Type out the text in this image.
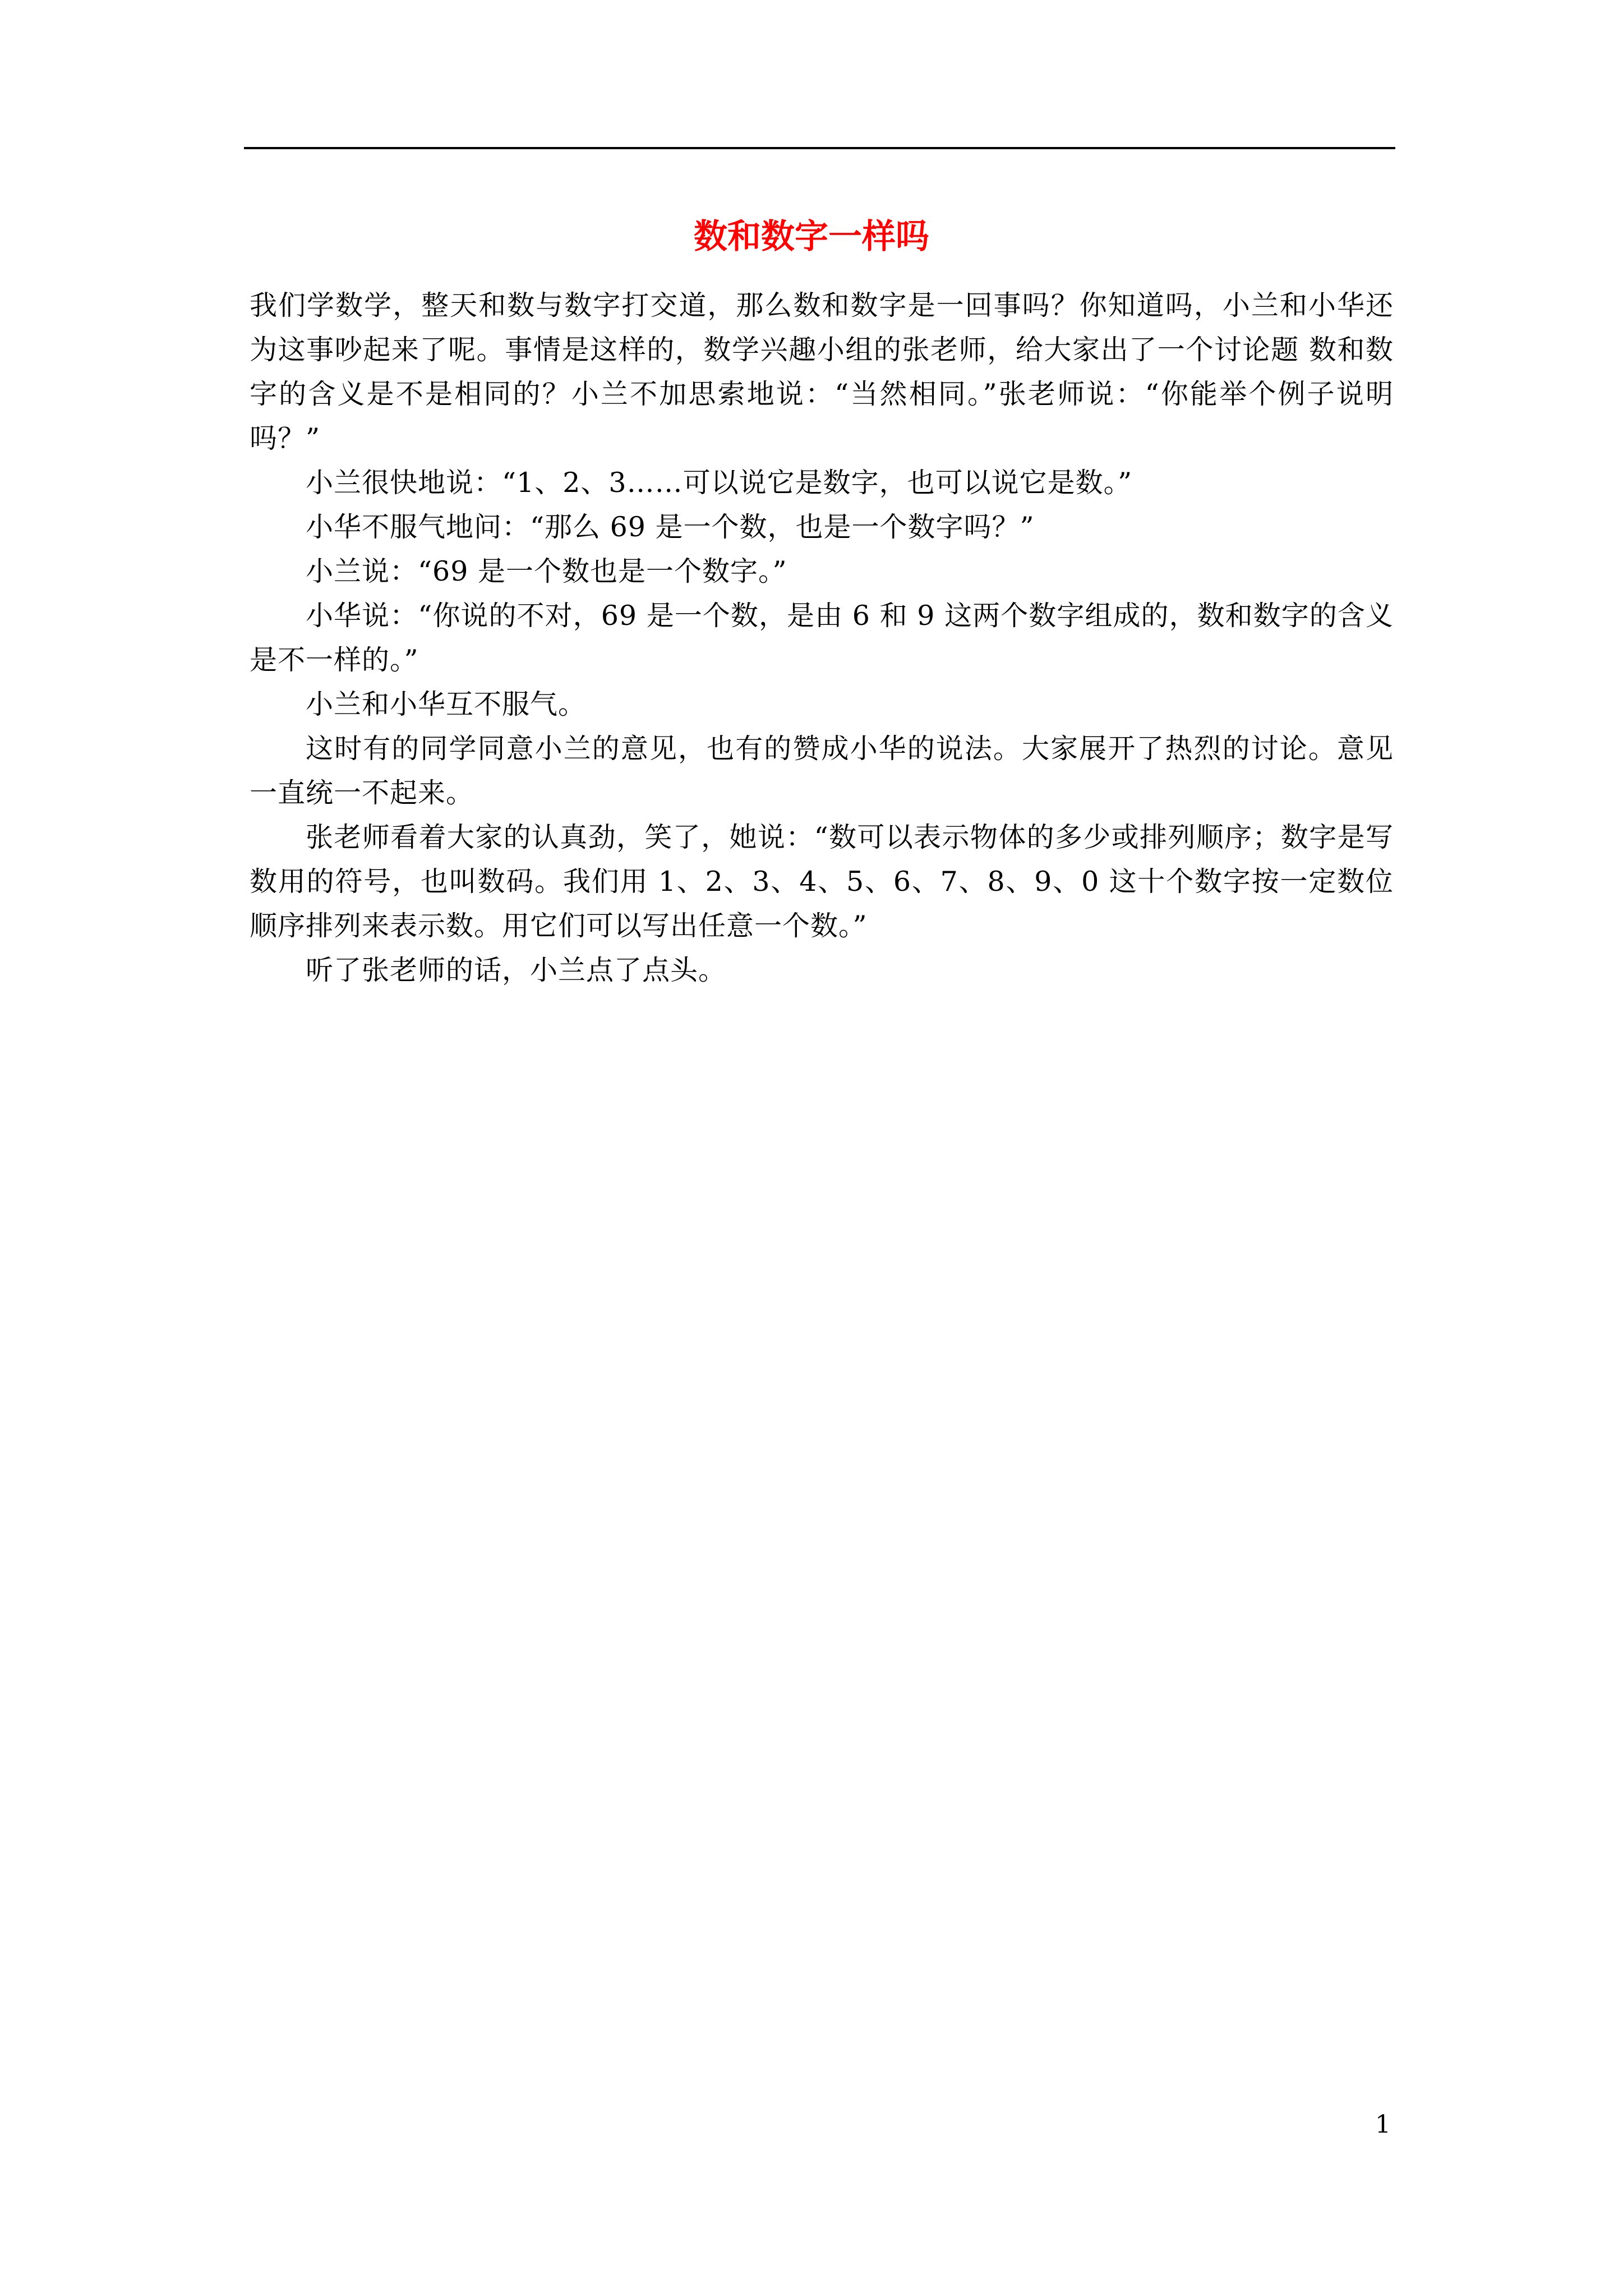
数和数字一样吗

我们学数学，整天和数与数字打交道，那么数和数字是一回事吗？你知道吗，小兰和小华还为这事吵起来了呢。事情是这样的，数学兴趣小组的张老师，给大家出了一个讨论题 数和数字的含义是不是相同的？小兰不加思索地说：“当然相同。”张老师说：“你能举个例子说明吗？”

小兰很快地说：“1、2、3……可以说它是数字，也可以说它是数。”

小华不服气地问：“那么 69 是一个数，也是一个数字吗？”

小兰说：“69 是一个数也是一个数字。”

小华说：“你说的不对，69 是一个数，是由 6 和 9 这两个数字组成的，数和数字的含义是不一样的。”

小兰和小华互不服气。

这时有的同学同意小兰的意见，也有的赞成小华的说法。大家展开了热烈的讨论。意见一直统一不起来。

张老师看着大家的认真劲，笑了，她说：“数可以表示物体的多少或排列顺序；数字是写数用的符号，也叫数码。我们用 1、2、3、4、5、6、7、8、9、0 这十个数字按一定数位顺序排列来表示数。用它们可以写出任意一个数。”

听了张老师的话，小兰点了点头。

1
